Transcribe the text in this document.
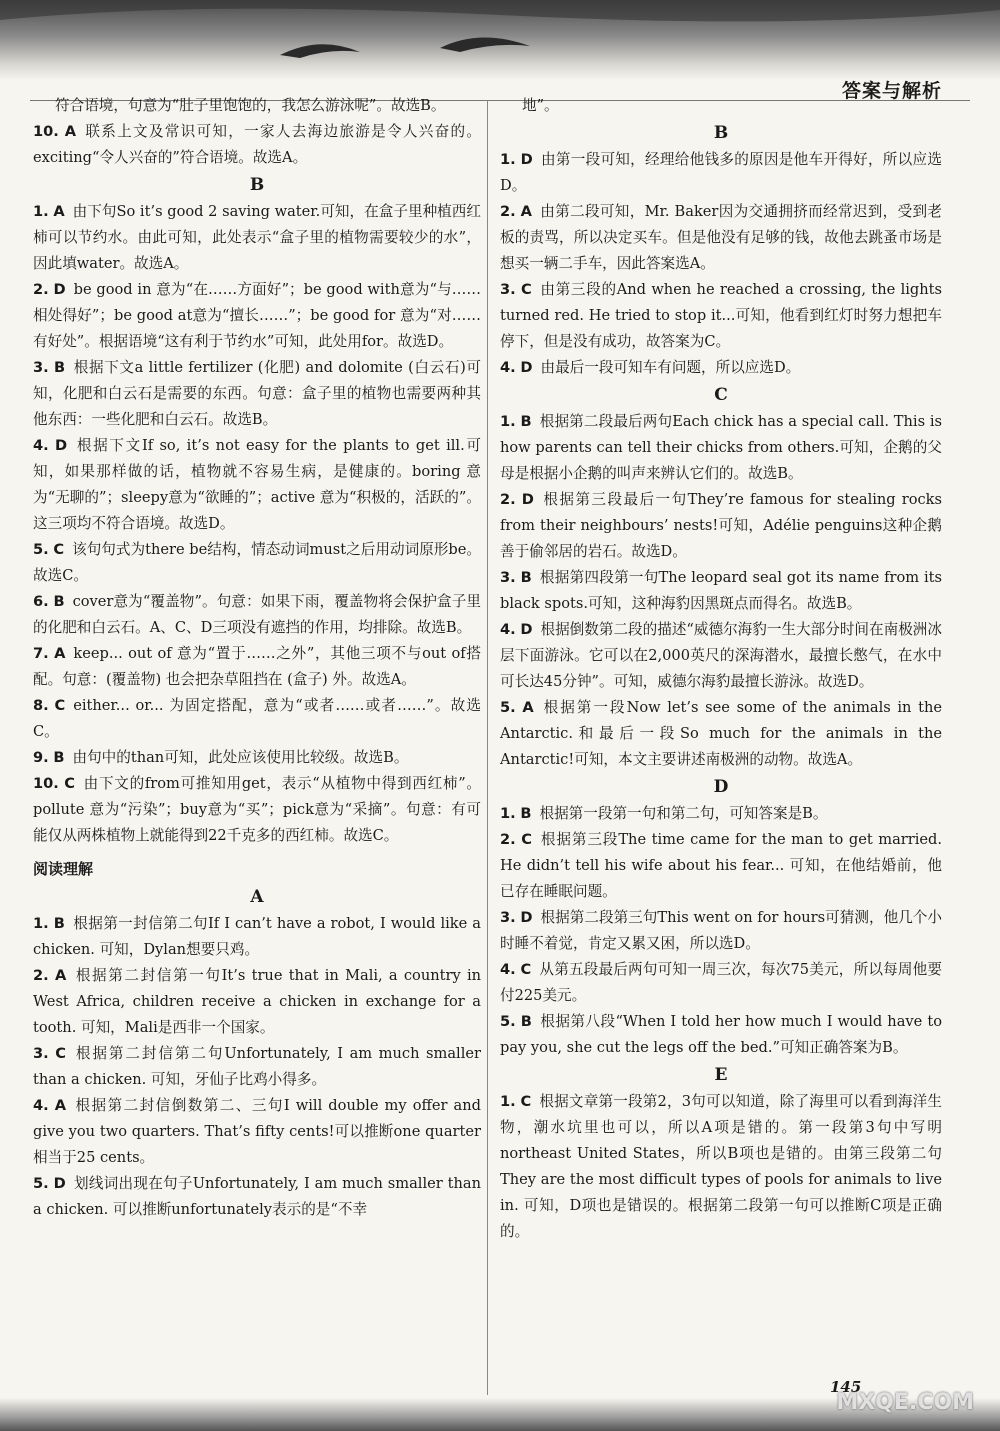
答案与解析

符合语境，句意为“肚子里饱饱的，我怎么游泳呢”。故选B。

10. A 联系上文及常识可知，一家人去海边旅游是令人兴奋的。exciting“令人兴奋的”符合语境。故选A。

B

1. A 由下句So it’s good 2 saving water.可知，在盒子里种植西红柿可以节约水。由此可知，此处表示“盒子里的植物需要较少的水”，因此填water。故选A。

2. D be good in 意为“在……方面好”；be good with意为“与……相处得好”；be good at意为“擅长……”；be good for 意为“对……有好处”。根据语境“这有利于节约水”可知，此处用for。故选D。

3. B 根据下文a little fertilizer (化肥) and dolomite (白云石)可知，化肥和白云石是需要的东西。句意：盒子里的植物也需要两种其他东西：一些化肥和白云石。故选B。

4. D 根据下文If so, it’s not easy for the plants to get ill.可知，如果那样做的话，植物就不容易生病，是健康的。boring 意为“无聊的”；sleepy意为“欲睡的”；active 意为“积极的，活跃的”。这三项均不符合语境。故选D。

5. C 该句句式为there be结构，情态动词must之后用动词原形be。故选C。

6. B cover意为“覆盖物”。句意：如果下雨，覆盖物将会保护盒子里的化肥和白云石。A、C、D三项没有遮挡的作用，均排除。故选B。

7. A keep... out of 意为“置于……之外”，其他三项不与out of搭配。句意：(覆盖物) 也会把杂草阻挡在 (盒子) 外。故选A。

8. C either... or... 为固定搭配，意为“或者……或者……”。故选C。

9. B 由句中的than可知，此处应该使用比较级。故选B。

10. C 由下文的from可推知用get，表示“从植物中得到西红柿”。pollute 意为“污染”；buy意为“买”；pick意为“采摘”。句意：有可能仅从两株植物上就能得到22千克多的西红柿。故选C。

阅读理解

A

1. B 根据第一封信第二句If I can’t have a robot, I would like a chicken. 可知，Dylan想要只鸡。

2. A 根据第二封信第一句It’s true that in Mali, a country in West Africa, children receive a chicken in exchange for a tooth. 可知，Mali是西非一个国家。

3. C 根据第二封信第二句Unfortunately, I am much smaller than a chicken. 可知，牙仙子比鸡小得多。

4. A 根据第二封信倒数第二、三句I will double my offer and give you two quarters. That’s fifty cents!可以推断one quarter相当于25 cents。

5. D 划线词出现在句子Unfortunately, I am much smaller than a chicken. 可以推断unfortunately表示的是“不幸

地”。

B

1. D 由第一段可知，经理给他钱多的原因是他车开得好，所以应选D。

2. A 由第二段可知，Mr. Baker因为交通拥挤而经常迟到，受到老板的责骂，所以决定买车。但是他没有足够的钱，故他去跳蚤市场是想买一辆二手车，因此答案选A。

3. C 由第三段的And when he reached a crossing, the lights turned red. He tried to stop it...可知，他看到红灯时努力想把车停下，但是没有成功，故答案为C。

4. D 由最后一段可知车有问题，所以应选D。

C

1. B 根据第二段最后两句Each chick has a special call. This is how parents can tell their chicks from others.可知，企鹅的父母是根据小企鹅的叫声来辨认它们的。故选B。

2. D 根据第三段最后一句They’re famous for stealing rocks from their neighbours’ nests!可知，Adélie penguins这种企鹅善于偷邻居的岩石。故选D。

3. B 根据第四段第一句The leopard seal got its name from its black spots.可知，这种海豹因黑斑点而得名。故选B。

4. D 根据倒数第二段的描述“威德尔海豹一生大部分时间在南极洲冰层下面游泳。它可以在2,000英尺的深海潜水，最擅长憋气，在水中可长达45分钟”。可知，威德尔海豹最擅长游泳。故选D。

5. A 根据第一段Now let’s see some of the animals in the Antarctic.和最后一段So much for the animals in the Antarctic!可知，本文主要讲述南极洲的动物。故选A。

D

1. B 根据第一段第一句和第二句，可知答案是B。

2. C 根据第三段The time came for the man to get married. He didn’t tell his wife about his fear... 可知，在他结婚前，他已存在睡眠问题。

3. D 根据第二段第三句This went on for hours可猜测，他几个小时睡不着觉，肯定又累又困，所以选D。

4. C 从第五段最后两句可知一周三次，每次75美元，所以每周他要付225美元。

5. B 根据第八段“When I told her how much I would have to pay you, she cut the legs off the bed.”可知正确答案为B。

E

1. C 根据文章第一段第2，3句可以知道，除了海里可以看到海洋生物，潮水坑里也可以，所以A项是错的。第一段第3句中写明northeast United States，所以B项也是错的。由第三段第二句They are the most difficult types of pools for animals to live in. 可知，D项也是错误的。根据第二段第一句可以推断C项是正确的。

145
MXQE.COM
